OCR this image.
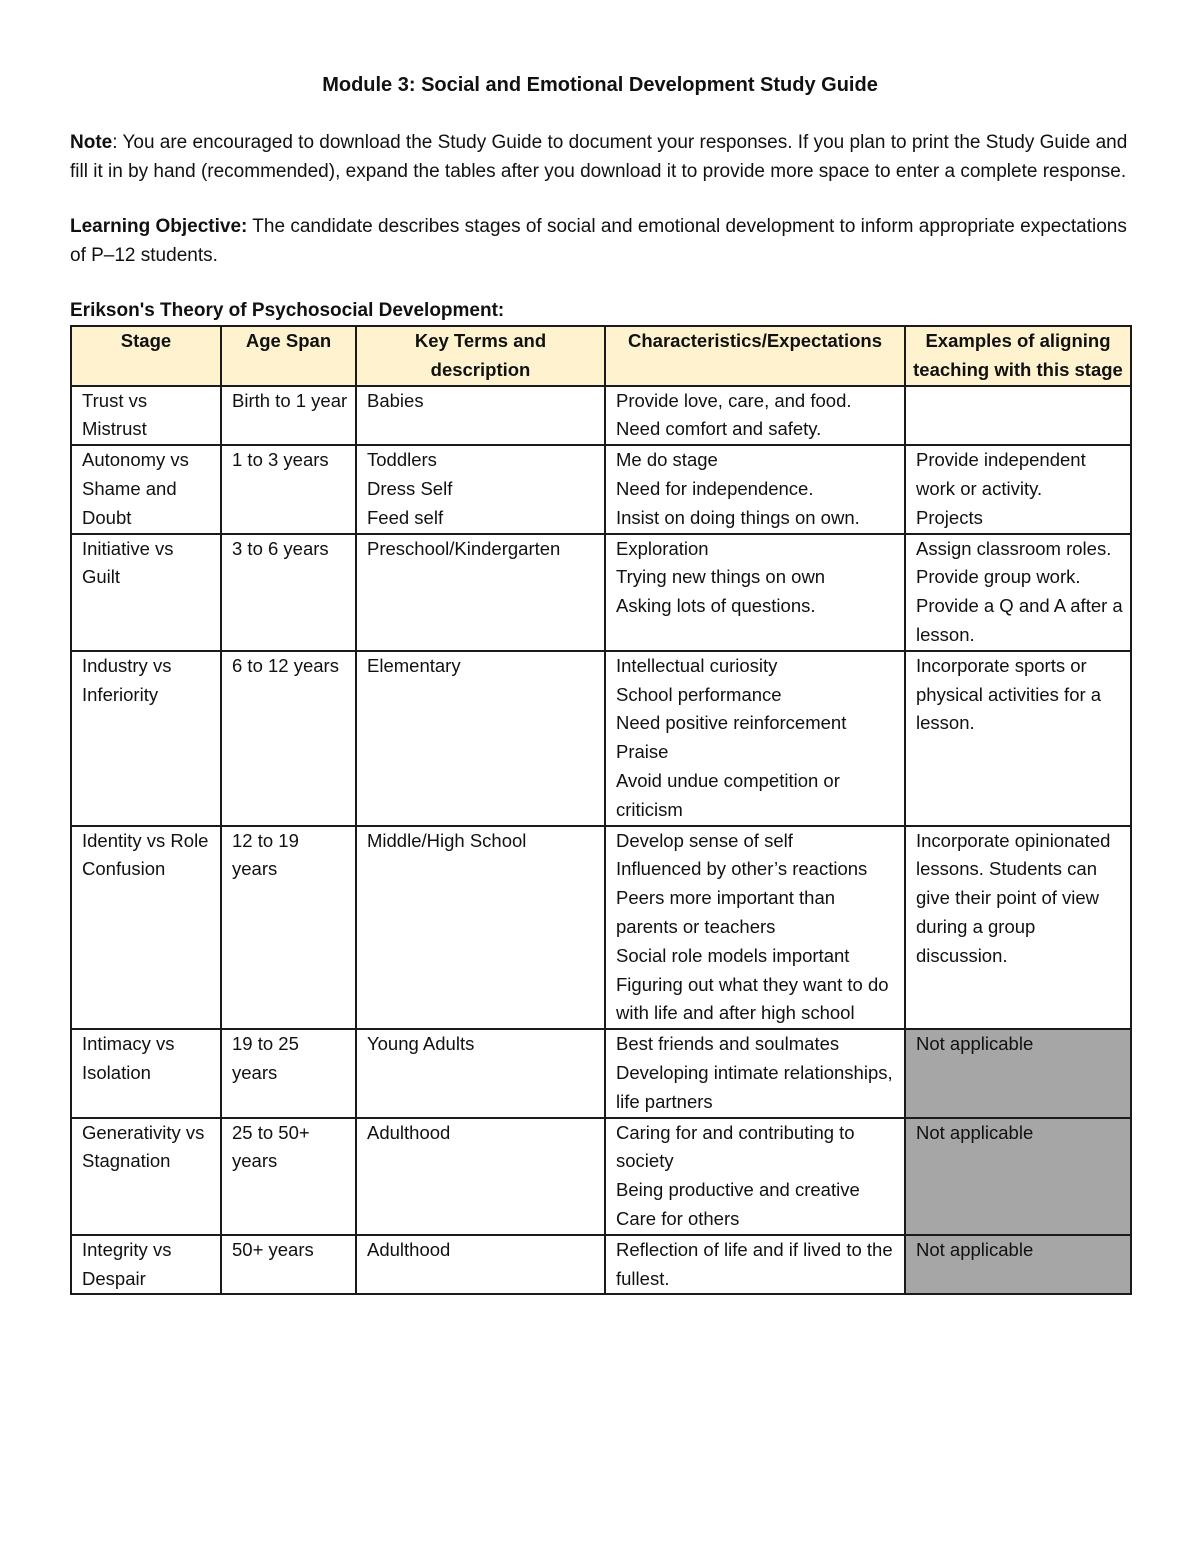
Module 3: Social and Emotional Development Study Guide

Note: You are encouraged to download the Study Guide to document your responses. If you plan to print the Study Guide and fill it in by hand (recommended), expand the tables after you download it to provide more space to enter a complete response.

Learning Objective: The candidate describes stages of social and emotional development to inform appropriate expectations of P–12 students.

Erikson's Theory of Psychosocial Development:
Stage	Age Span	Key Terms and description	Characteristics/Expectations	Examples of aligning teaching with this stage
Trust vs Mistrust	Birth to 1 year	Babies	Provide love, care, and food.
Need comfort and safety.	

Autonomy vs Shame and Doubt	1 to 3 years	Toddlers
Dress Self
Feed self	Me do stage
Need for independence.
Insist on doing things on own.	Provide independent work or activity.
Projects

Initiative vs Guilt	3 to 6 years	Preschool/Kindergarten	Exploration
Trying new things on own
Asking lots of questions.	Assign classroom roles. Provide group work. Provide a Q and A after a lesson.

Industry vs Inferiority	6 to 12 years	Elementary	Intellectual curiosity
School performance
Need positive reinforcement
Praise
Avoid undue competition or criticism	Incorporate sports or physical activities for a lesson.

Identity vs Role Confusion	12 to 19 years	Middle/High School	Develop sense of self
Influenced by other’s reactions
Peers more important than parents or teachers
Social role models important
Figuring out what they want to do with life and after high school	Incorporate opinionated lessons. Students can give their point of view during a group discussion.

Intimacy vs Isolation	19 to 25 years	Young Adults	Best friends and soulmates
Developing intimate relationships, life partners	Not applicable

Generativity vs Stagnation	25 to 50+ years	Adulthood	Caring for and contributing to society
Being productive and creative
Care for others	Not applicable

Integrity vs Despair	50+ years	Adulthood	Reflection of life and if lived to the fullest.	Not applicable
